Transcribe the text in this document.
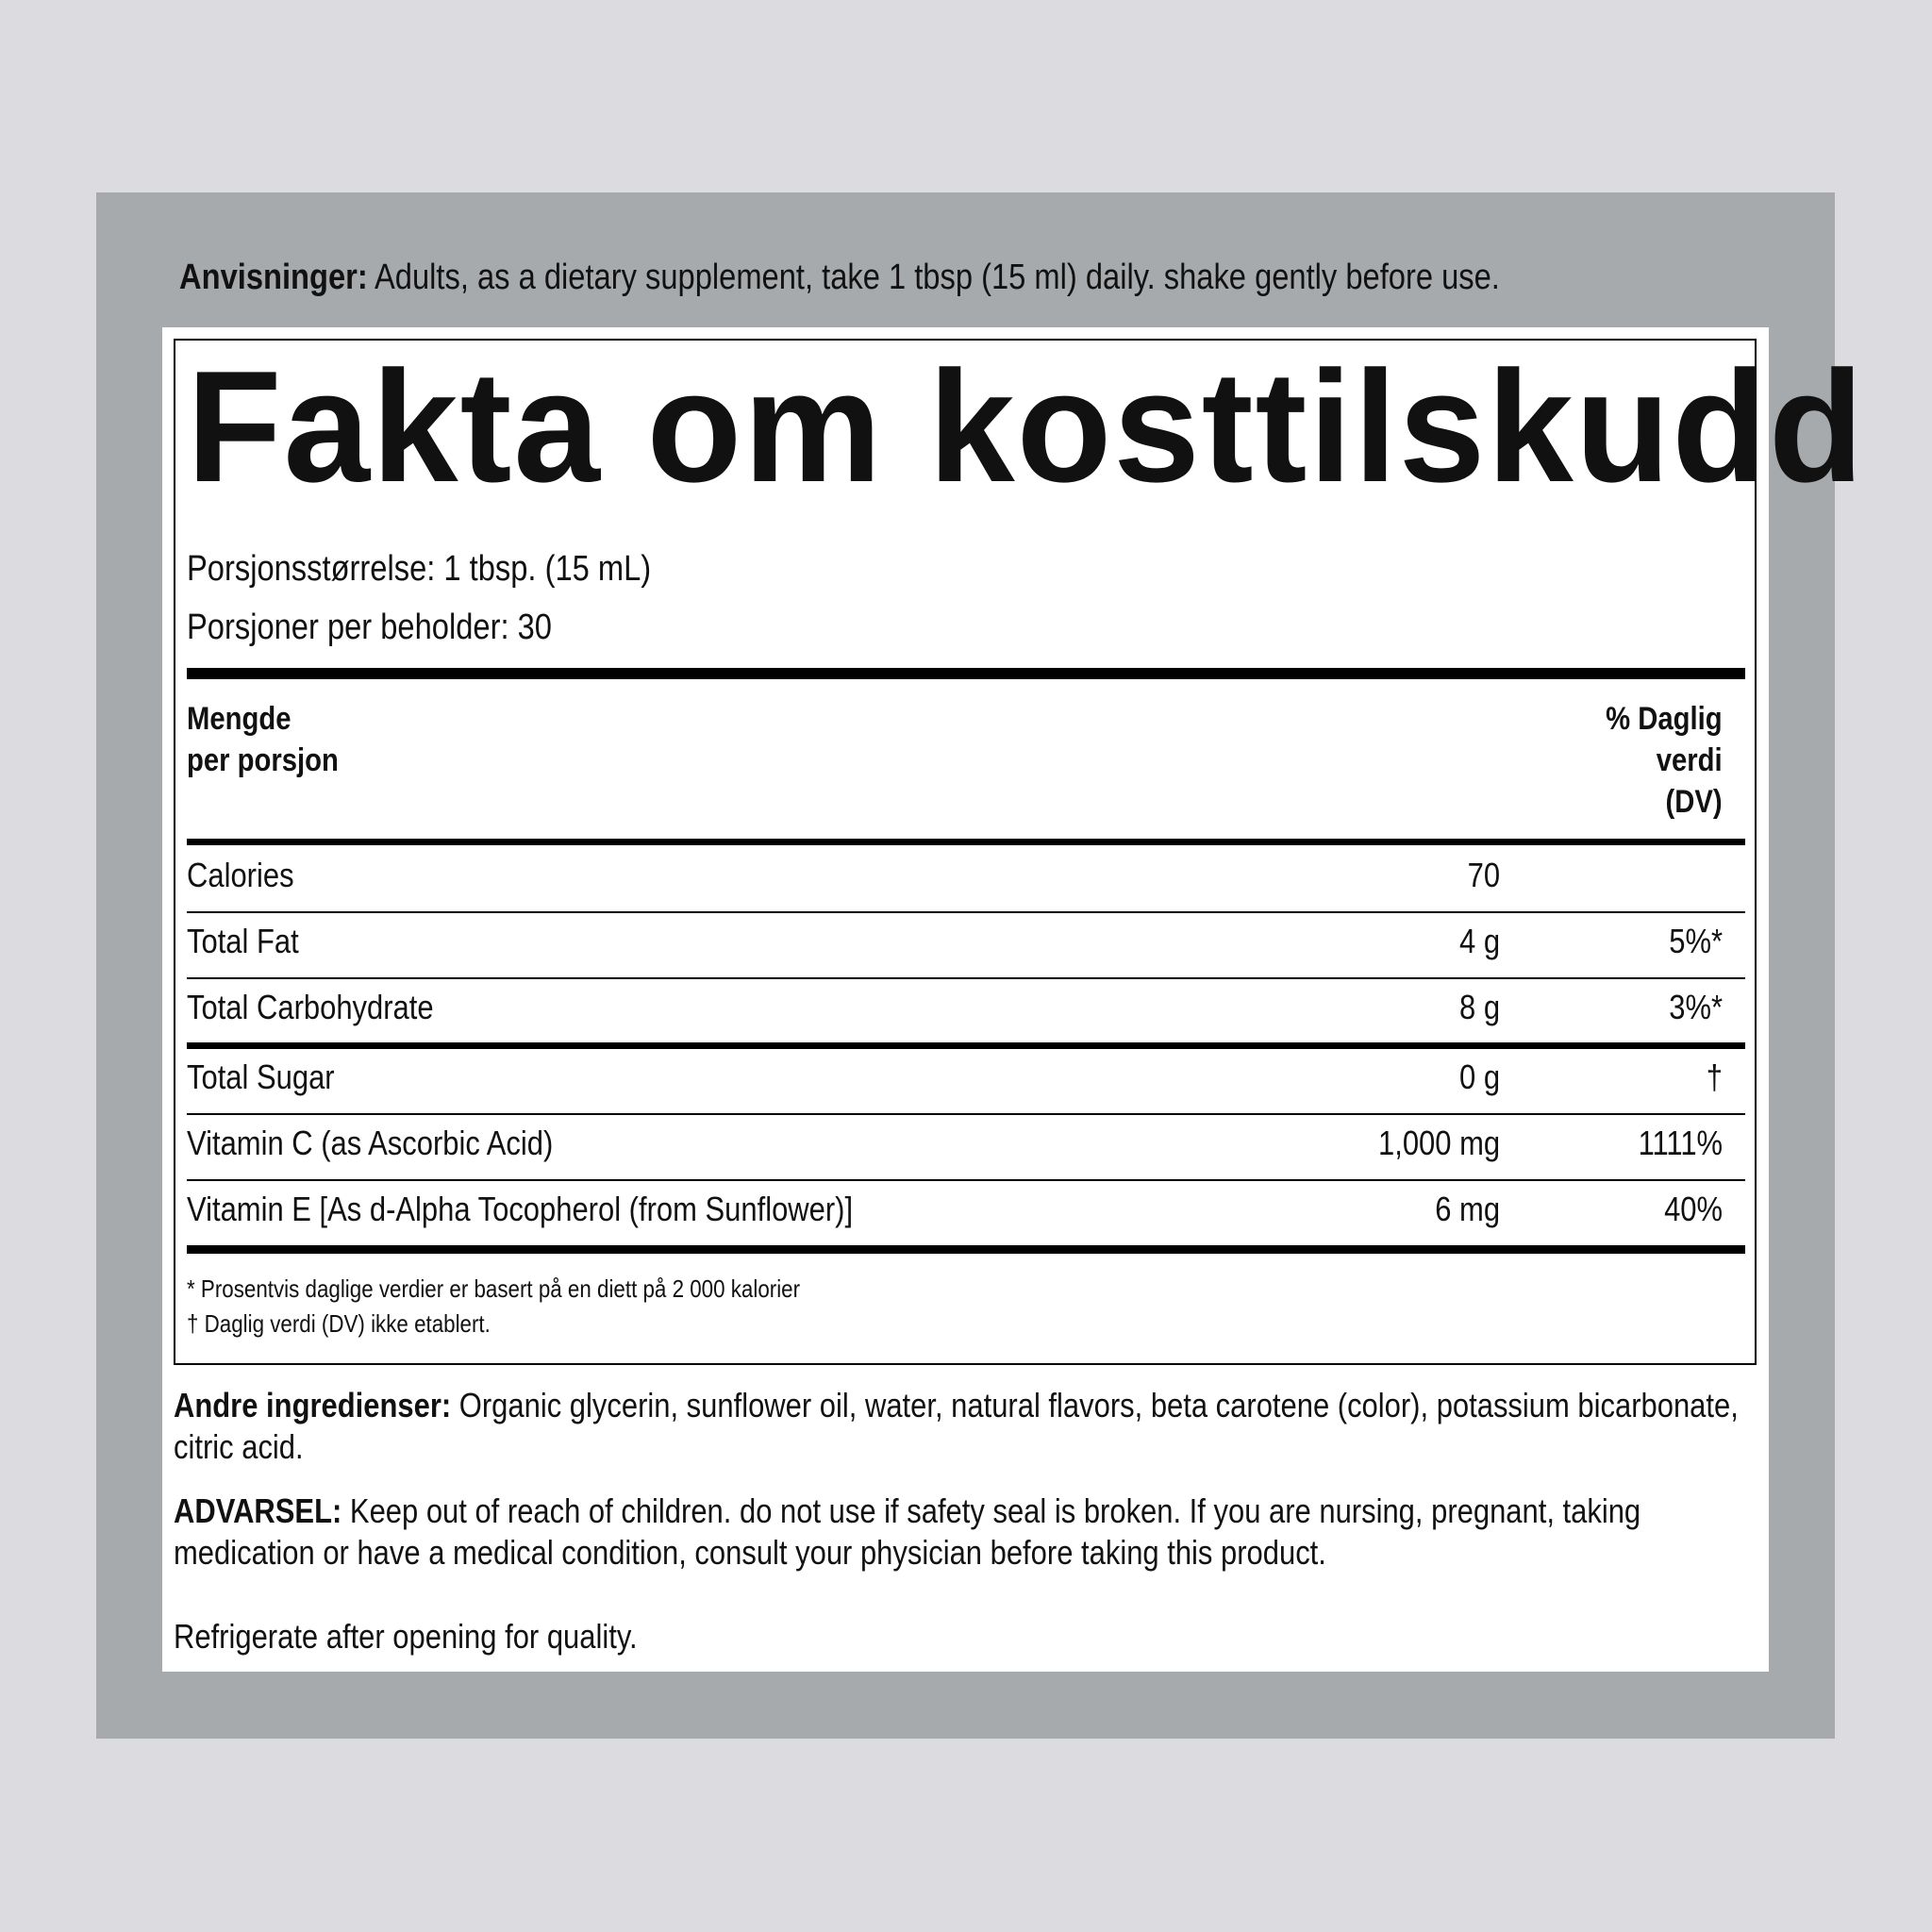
Anvisninger: Adults, as a dietary supplement, take 1 tbsp (15 ml) daily. shake gently before use.
Fakta om kosttilskudd
Porsjonsstørrelse: 1 tbsp. (15 mL)
Porsjoner per beholder: 30
Mengde
per porsjon
% Daglig
verdi
(DV)
Calories	70
Total Fat	4 g	5%*
Total Carbohydrate	8 g	3%*
Total Sugar	0 g	†
Vitamin C (as Ascorbic Acid)	1,000 mg	1111%
Vitamin E [As d-Alpha Tocopherol (from Sunflower)]	6 mg	40%
* Prosentvis daglige verdier er basert på en diett på 2 000 kalorier
† Daglig verdi (DV) ikke etablert.
Andre ingredienser: Organic glycerin, sunflower oil, water, natural flavors, beta carotene (color), potassium bicarbonate, citric acid.
ADVARSEL: Keep out of reach of children. do not use if safety seal is broken. If you are nursing, pregnant, taking medication or have a medical condition, consult your physician before taking this product.
Refrigerate after opening for quality.
